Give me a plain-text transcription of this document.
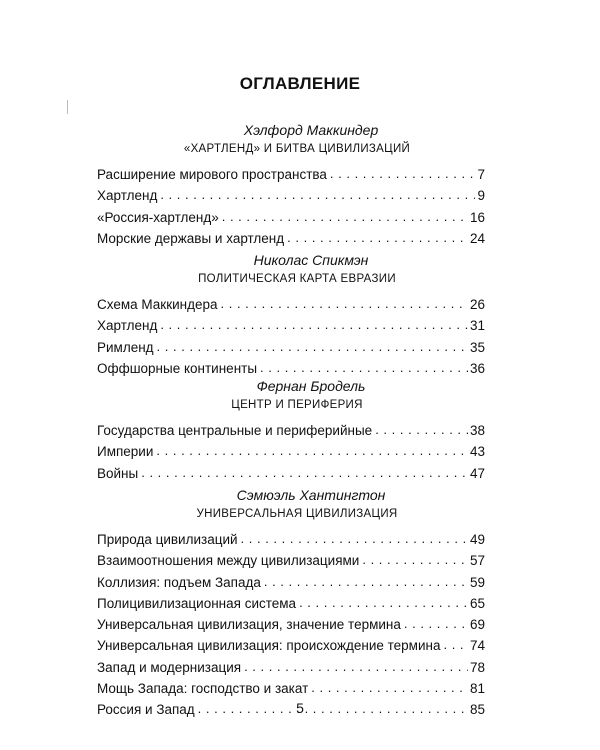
ОГЛАВЛЕНИЕ
Хэлфорд Маккиндер
«ХАРТЛЕНД» И БИТВА ЦИВИЛИЗАЦИЙ
Расширение мирового пространства . . .	7
Хартленд . . .	9
«Россия-хартленд» . . .	16
Морские державы и хартленд . . .	24
Николас Спикмэн
ПОЛИТИЧЕСКАЯ КАРТА ЕВРАЗИИ
Схема Маккиндера . . .	26
Хартленд . . .	31
Римленд . . .	35
Оффшорные континенты . . .	36
Фернан Бродель
ЦЕНТР И ПЕРИФЕРИЯ
Государства центральные и периферийные . . .	38
Империи . . .	43
Войны . . .	47
Сэмюэль Хантингтон
УНИВЕРСАЛЬНАЯ ЦИВИЛИЗАЦИЯ
Природа цивилизаций . . .	49
Взаимоотношения между цивилизациями . . .	57
Коллизия: подъем Запада . . .	59
Полицивилизационная система . . .	65
Универсальная цивилизация, значение термина . . .	69
Универсальная цивилизация: происхождение термина . . . 74
Запад и модернизация . . .	78
Мощь Запада: господство и закат . . .	81
Россия и Запад . . .	85
5
